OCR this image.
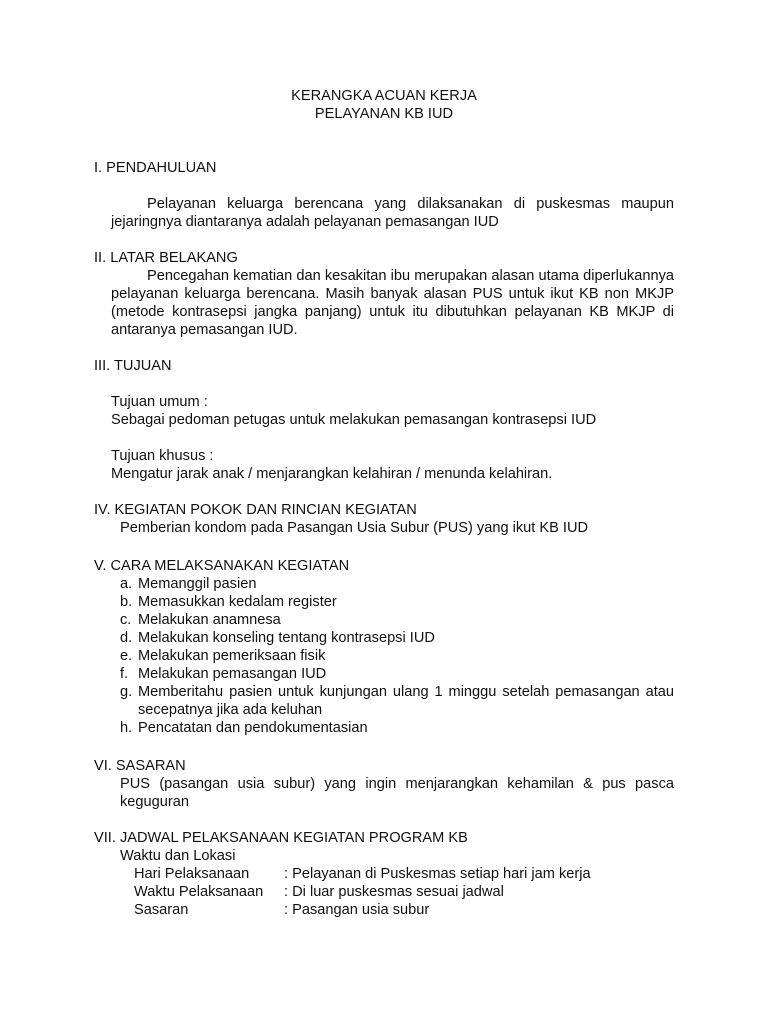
KERANGKA ACUAN KERJA
PELAYANAN KB IUD
I. PENDAHULUAN
Pelayanan keluarga berencana yang dilaksanakan di puskesmas maupun jejaringnya diantaranya adalah pelayanan pemasangan IUD
II. LATAR BELAKANG
Pencegahan kematian dan kesakitan ibu merupakan alasan utama diperlukannya pelayanan keluarga berencana. Masih banyak alasan PUS untuk ikut KB non MKJP (metode kontrasepsi jangka panjang) untuk itu dibutuhkan pelayanan KB MKJP di antaranya pemasangan IUD.
III. TUJUAN
Tujuan umum :
Sebagai pedoman petugas untuk melakukan pemasangan kontrasepsi IUD
Tujuan khusus :
Mengatur jarak anak / menjarangkan kelahiran / menunda kelahiran.
IV. KEGIATAN POKOK DAN RINCIAN KEGIATAN
Pemberian kondom pada Pasangan Usia Subur (PUS) yang ikut KB IUD
V. CARA MELAKSANAKAN KEGIATAN
a. Memanggil pasien
b. Memasukkan kedalam register
c. Melakukan anamnesa
d. Melakukan konseling tentang kontrasepsi IUD
e. Melakukan pemeriksaan fisik
f. Melakukan pemasangan IUD
g. Memberitahu pasien untuk kunjungan ulang 1 minggu setelah pemasangan atau secepatnya jika ada keluhan
h. Pencatatan dan pendokumentasian
VI. SASARAN
PUS (pasangan usia subur) yang ingin menjarangkan kehamilan & pus pasca keguguran
VII. JADWAL PELAKSANAAN KEGIATAN PROGRAM KB
Waktu dan Lokasi
Hari Pelaksanaan	: Pelayanan di Puskesmas setiap hari jam kerja
Waktu Pelaksanaan	: Di luar puskesmas sesuai jadwal
Sasaran	: Pasangan usia subur
